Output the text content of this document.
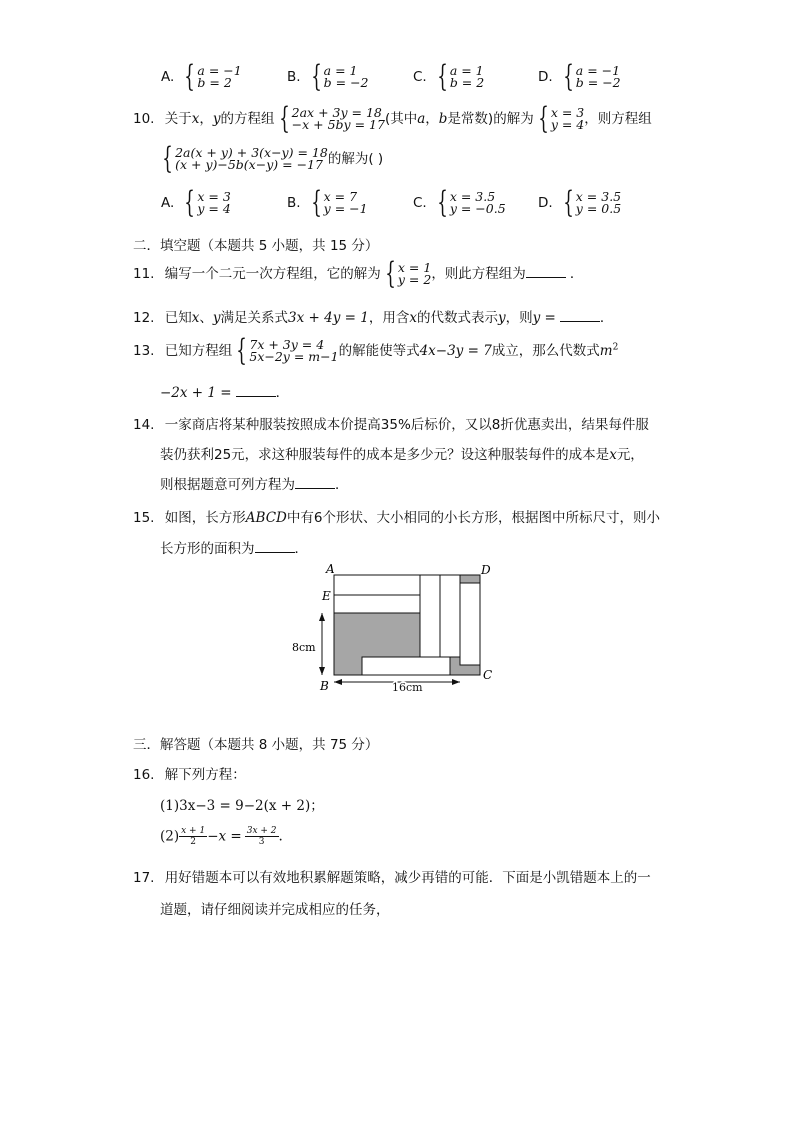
A. { a = −1
b = 2	B. { a = 1
b = −2	C. { a = 1
b = 2	D. { a = −1
b = −2
10. 关于x，y的方程组 { 2ax + 3y = 18
−x + 5by = 17 (其中a，b是常数)的解为 { x = 3
y = 4 ，则方程组
{ 2a(x + y) + 3(x−y) = 18
(x + y)−5b(x−y) = −17 的解为( )
A. { x = 3
y = 4	B. { x = 7
y = −1	C. { x = 3.5
y = −0.5 D. { x = 3.5
y = 0.5
二．填空题（本题共 5 小题，共 15 分）
11. 编写一个二元一次方程组，它的解为 { x = 1
y = 2 ，则此方程组为	．
12. 已知x、y满足关系式3x + 4y = 1，用含x的代数式表示y，则y =	．
13. 已知方程组 { 7x + 3y = 4
5x−2y = m−1 的解能使等式4x−3y = 7成立，那么代数式$m^2$
−2x + 1 =	．
14. 一家商店将某种服装按照成本价提高35%后标价，又以8折优惠卖出，结果每件服
装仍获利25元，求这种服装每件的成本是多少元？设这种服装每件的成本是x元，
则根据题意可列方程为	．
15. 如图，长方形ABCD中有6个形状、大小相同的小长方形，根据图中所标尺寸，则小
长方形的面积为	．
A	D
E
B
C
8cm
16cm
三．解答题（本题共 8 小题，共 75 分）
16. 解下列方程：
(1)3x−3 = 9−2(x + 2)；
$(2) \frac{x + 1}{2} -x = \frac{3x + 2}{3}$ .
17. 用好错题本可以有效地积累解题策略，减少再错的可能．下面是小凯错题本上的一
道题，请仔细阅读并完成相应的任务，
